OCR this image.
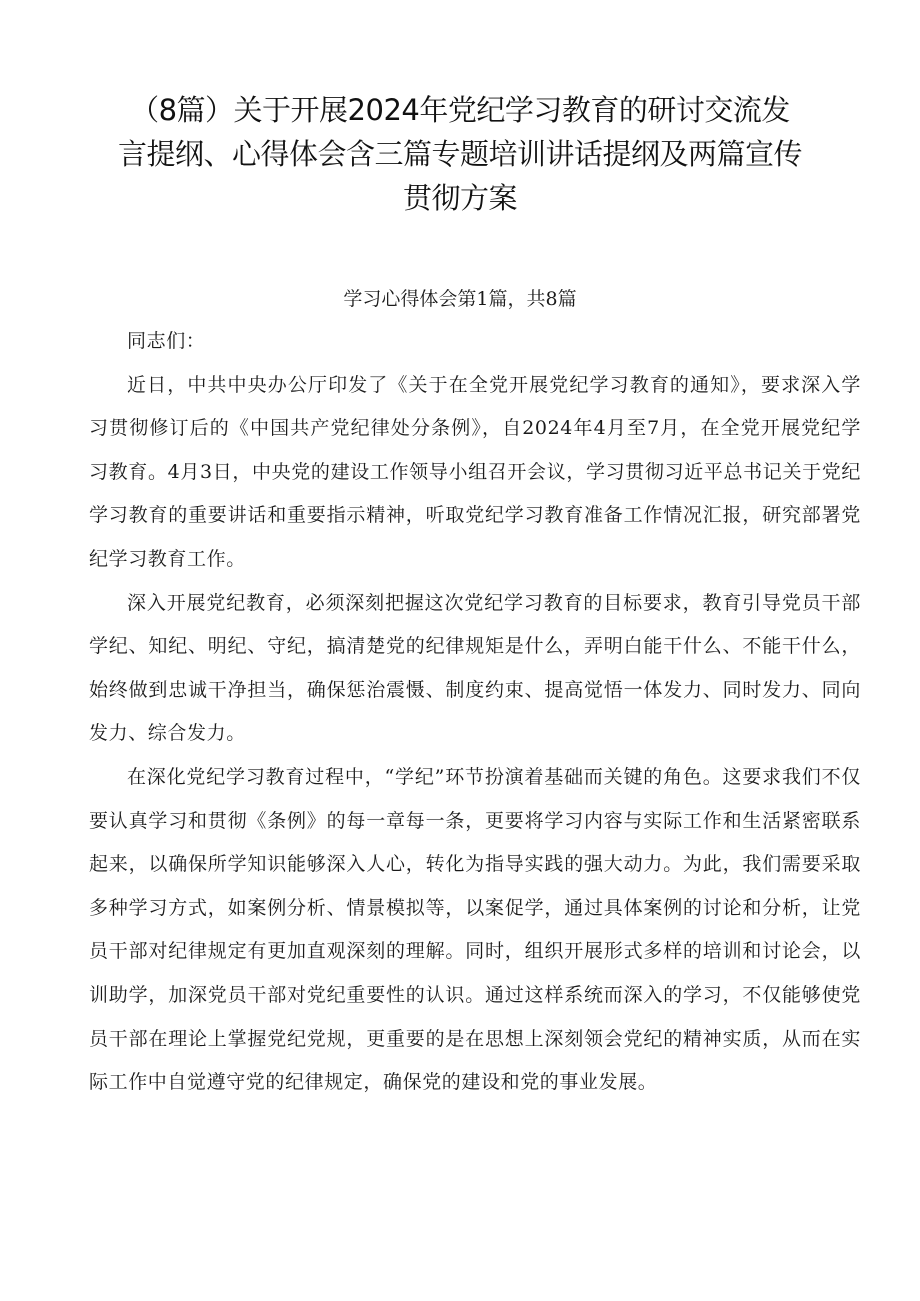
（8篇）关于开展2024年党纪学习教育的研讨交流发
言提纲、心得体会含三篇专题培训讲话提纲及两篇宣传
贯彻方案

学习心得体会第1篇，共8篇

同志们：

近日，中共中央办公厅印发了《关于在全党开展党纪学习教育的通知》，要求深入学习贯彻修订后的《中国共产党纪律处分条例》，自2024年4月至7月，在全党开展党纪学习教育。4月3日，中央党的建设工作领导小组召开会议，学习贯彻习近平总书记关于党纪学习教育的重要讲话和重要指示精神，听取党纪学习教育准备工作情况汇报，研究部署党纪学习教育工作。

深入开展党纪教育，必须深刻把握这次党纪学习教育的目标要求，教育引导党员干部学纪、知纪、明纪、守纪，搞清楚党的纪律规矩是什么，弄明白能干什么、不能干什么，始终做到忠诚干净担当，确保惩治震慑、制度约束、提高觉悟一体发力、同时发力、同向发力、综合发力。

在深化党纪学习教育过程中，“学纪”环节扮演着基础而关键的角色。这要求我们不仅要认真学习和贯彻《条例》的每一章每一条，更要将学习内容与实际工作和生活紧密联系起来，以确保所学知识能够深入人心，转化为指导实践的强大动力。为此，我们需要采取多种学习方式，如案例分析、情景模拟等，以案促学，通过具体案例的讨论和分析，让党员干部对纪律规定有更加直观深刻的理解。同时，组织开展形式多样的培训和讨论会，以训助学，加深党员干部对党纪重要性的认识。通过这样系统而深入的学习，不仅能够使党员干部在理论上掌握党纪党规，更重要的是在思想上深刻领会党纪的精神实质，从而在实际工作中自觉遵守党的纪律规定，确保党的建设和党的事业发展。
